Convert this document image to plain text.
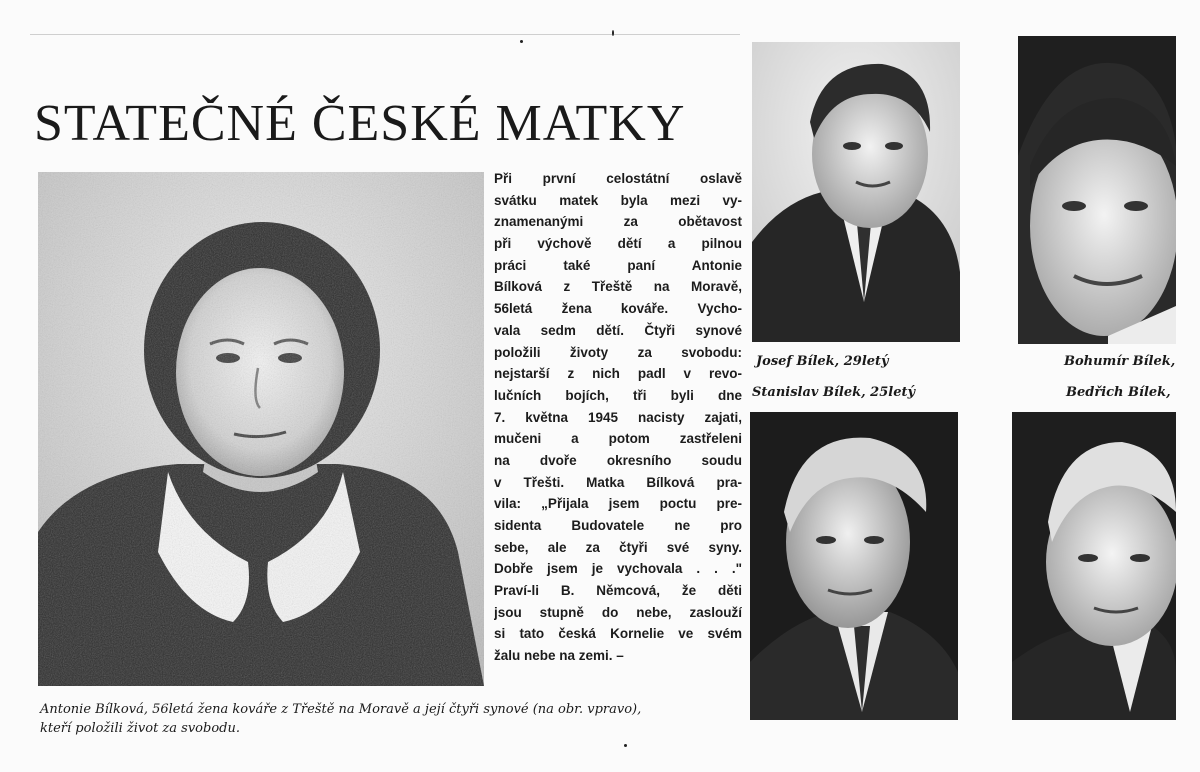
STATEČNÉ ČESKÉ MATKY
Při první celostátní oslavě
svátku matek byla mezi vy-
znamenanými za obětavost
při výchově dětí a pilnou
práci také paní Antonie
Bílková z Třeště na Moravě,
56letá žena kováře. Vycho-
vala sedm dětí. Čtyři synové
položili životy za svobodu:
nejstarší z nich padl v revo-
lučních bojích, tři byli dne
7. května 1945 nacisty zajati,
mučeni a potom zastřeleni
na dvoře okresního soudu
v Třešti. Matka Bílková pra-
vila: „Přijala jsem poctu pre-
sidenta Budovatele ne pro
sebe, ale za čtyři své syny.
Dobře jsem je vychovala . . ."
Praví-li B. Němcová, že děti
jsou stupně do nebe, zaslouží
si tato česká Kornelie ve svém
žalu nebe na zemi. –
Josef Bílek, 29letý	Bohumír Bílek,
Stanislav Bílek, 25letý	Bedřich Bílek,
Antonie Bílková, 56letá žena kováře z Třeště na Moravě a její čtyři synové (na obr. vpravo),
kteří položili život za svobodu.
